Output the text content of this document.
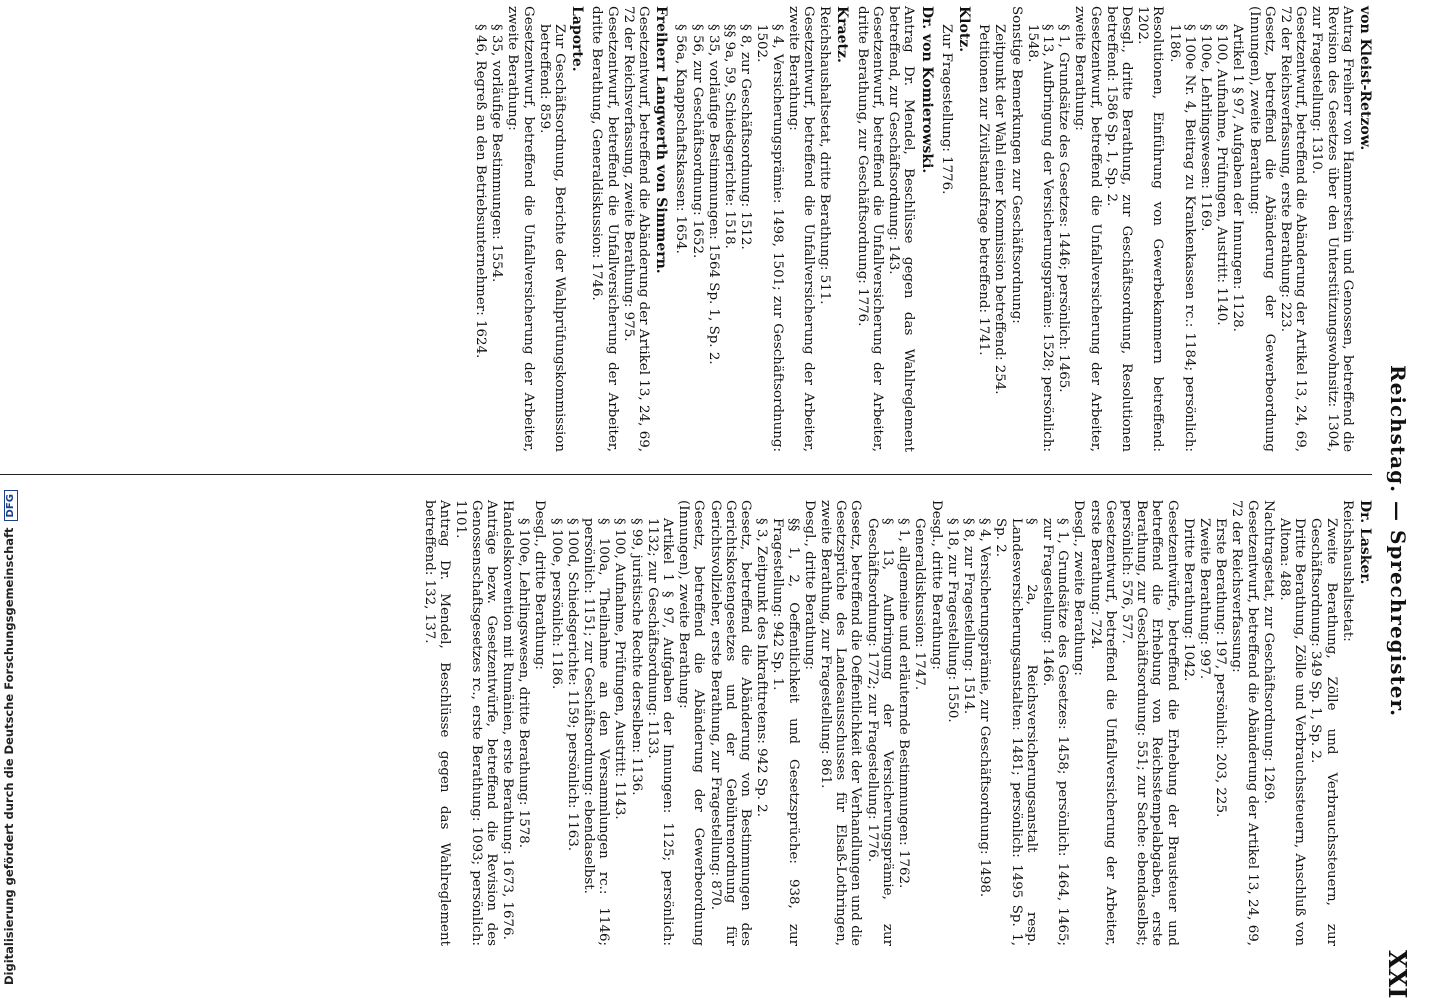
Reichstag. — Sprechregister.
XXI

von Kleist-Retzow.

Antrag Freiherr von Hammerstein und Genossen, betreffend die Revision des Gesetzes über den Unterstützungswohnsitz: 1304, zur Fragestellung: 1310.

Gesetzentwurf, betreffend die Abänderung der Artikel 13, 24, 69, 72 der Reichsverfassung, erste Berathung: 223.

Gesetz, betreffend die Abänderung der Gewerbeordnung (Innungen), zweite Berathung:

Artikel 1 § 97, Aufgaben der Innungen: 1128.

§ 100, Aufnahme, Prüfungen, Austritt: 1140.

§ 100e, Lehrlingswesen: 1169.

§ 100e Nr. 4, Beitrag zu Krankenkassen rc.: 1184; persönlich: 1186.

Resolutionen, Einführung von Gewerbekammern betreffend: 1202.

Desgl., dritte Berathung, zur Geschäftsordnung, Resolutionen betreffend: 1586 Sp. 1, Sp. 2.

Gesetzentwurf, betreffend die Unfallversicherung der Arbeiter, zweite Berathung:

§ 1, Grundsätze des Gesetzes: 1446; persönlich: 1465.

§ 13, Aufbringung der Versicherungsprämie: 1528; persönlich: 1548.

Sonstige Bemerkungen zur Geschäftsordnung:

Zeitpunkt der Wahl einer Kommission betreffend: 254.

Petitionen zur Zivilstandsfrage betreffend: 1741.

Klotz.

Zur Fragestellung: 1776.

Dr. von Komierowski.

Antrag Dr. Mendel, Beschlüsse gegen das Wahlreglement betreffend, zur Geschäftsordnung: 143.

Gesetzentwurf, betreffend die Unfallversicherung der Arbeiter, dritte Berathung, zur Geschäftsordnung: 1776.

Kraetz.

Reichshaushaltsetat, dritte Berathung: 511.

Gesetzentwurf, betreffend die Unfallversicherung der Arbeiter, zweite Berathung:

§ 4, Versicherungsprämie: 1498, 1501; zur Geschäftsordnung: 1502.

§ 8, zur Geschäftsordnung: 1512.

§§ 9a, 59, Schiedsgerichte: 1518.

§ 35, vorläufige Bestimmungen: 1564 Sp. 1, Sp. 2.

§ 56, zur Geschäftsordnung: 1652.

§ 56a, Knappschaftskassen: 1654.

Freiherr Langwerth von Simmern.

Gesetzentwurf, betreffend die Abänderung der Artikel 13, 24, 69, 72 der Reichsverfassung, zweite Berathung: 975.

Gesetzentwurf, betreffend die Unfallversicherung der Arbeiter, dritte Berathung, Generaldiskussion: 1746.

Laporte.

Zur Geschäftsordnung, Berichte der Wahlprüfungskommission betreffend: 859.

Gesetzentwurf, betreffend die Unfallversicherung der Arbeiter, zweite Berathung:

§ 35, vorläufige Bestimmungen: 1554.

§ 46, Regreß an den Betriebsunternehmer: 1624.

Dr. Lasker.

Reichshaushaltsetat:

Zweite Berathung, Zölle und Verbrauchssteuern, zur Geschäftsordnung: 349 Sp. 1, Sp. 2.

Dritte Berathung, Zölle und Verbrauchssteuern, Anschluß von Altona: 488.

Nachtragsetat, zur Geschäftsordnung: 1269.

Gesetzentwurf, betreffend die Abänderung der Artikel 13, 24, 69, 72 der Reichsverfassung:

Erste Berathung: 197, persönlich: 203, 225.

Zweite Berathung: 997.

Dritte Berathung: 1042.

Gesetzentwürfe, betreffend die Erhebung der Brausteuer und betreffend die Erhebung von Reichsstempelabgaben, erste Berathung, zur Geschäftsordnung: 551; zur Sache: ebendaselbst; persönlich: 576, 577.

Gesetzentwurf, betreffend die Unfallversicherung der Arbeiter, erste Berathung: 724.

Desgl., zweite Berathung:

§ 1, Grundsätze des Gesetzes: 1458; persönlich: 1464, 1465; zur Fragestellung: 1466.

§ 2a, Reichsversicherungsanstalt resp. Landesversicherungsanstalten: 1481; persönlich: 1495 Sp. 1, Sp. 2.

§ 4, Versicherungsprämie, zur Geschäftsordnung: 1498.

§ 8, zur Fragestellung: 1514.

§ 18, zur Fragestellung: 1550.

Desgl., dritte Berathung:

Generaldiskussion: 1747.

§ 1, allgemeine und erläuternde Bestimmungen: 1762.

§ 13, Aufbringung der Versicherungsprämie, zur Geschäftsordnung: 1772; zur Fragestellung: 1776.

Gesetz, betreffend die Oeffentlichkeit der Verhandlungen und die Gesetzsprüche des Landesausschusses für Elsaß-Lothringen, zweite Berathung, zur Fragestellung: 861.

Desgl., dritte Berathung:

§§ 1, 2, Oeffentlichkeit und Gesetzsprüche: 938, zur Fragestellung: 942 Sp. 1.

§ 3, Zeitpunkt des Inkrafttretens: 942 Sp. 2.

Gesetz, betreffend die Abänderung von Bestimmungen des Gerichtskostengesetzes und der Gebührenordnung für Gerichtsvollzieher, erste Berathung, zur Fragestellung: 870.

Gesetz, betreffend die Abänderung der Gewerbeordnung (Innungen), zweite Berathung:

Artikel 1 § 97, Aufgaben der Innungen: 1125; persönlich: 1132; zur Geschäftsordnung: 1133.

§ 99, juristische Rechte derselben: 1136.

§ 100, Aufnahme, Prüfungen, Austritt: 1143.

§ 100a, Theilnahme an den Versammlungen rc.: 1146; persönlich: 1151; zur Geschäftsordnung: ebendaselbst.

§ 100d, Schiedsgerichte: 1159; persönlich: 1163.

§ 100e, persönlich: 1186.

Desgl., dritte Berathung:

§ 100e, Lehrlingswesen, dritte Berathung: 1578.

Handelskonvention mit Rumänien, erste Berathung: 1673, 1676.

Anträge bezw. Gesetzentwürfe, betreffend die Revision des Genossenschaftsgesetzes rc., erste Berathung: 1093; persönlich: 1101.

Antrag Dr. Mendel, Beschlüsse gegen das Wahlreglement betreffend: 132, 137.

Digitalisierung gefördert durch die Deutsche ForschungsgemeinschaftDFG
